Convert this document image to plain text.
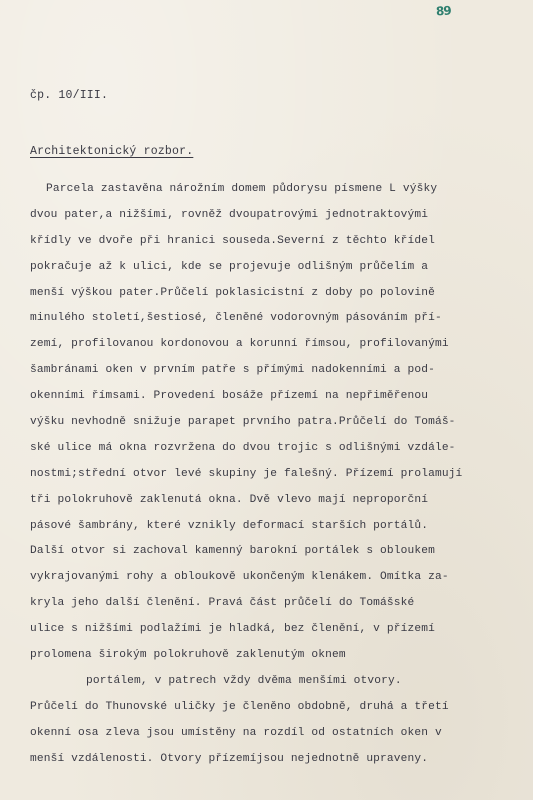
89
čp. 10/III.
Architektonický rozbor.
Parcela zastavěna nárožním domem půdorysu písmene L výšky
dvou pater,a nižšími, rovněž dvoupatrovými jednotraktovými
křídly ve dvoře při hranici souseda.Severní z těchto křídel
pokračuje až k ulici, kde se projevuje odlišným průčelím a
menší výškou pater.Průčelí poklasicistní z doby po polovině
minulého století,šestiosé, členěné vodorovným pásováním pří-
zemí, profilovanou kordonovou a korunní římsou, profilovanými
šambránami oken v prvním patře s přímými nadokenními a pod-
okenními římsami. Provedení bosáže přízemí na nepřiměřenou
výšku nevhodně snižuje parapet prvního patra.Průčelí do Tomáš-
ské ulice má okna rozvržena do dvou trojic s odlišnými vzdále-
nostmi;střední otvor levé skupiny je falešný. Přízemí prolamují
tři polokruhově zaklenutá okna. Dvě vlevo mají neproporční
pásové šambrány, které vznikly deformací starších portálů.
Další otvor si zachoval kamenný barokní portálek s obloukem
vykrajovanými rohy a obloukově ukončeným klenákem. Omítka za-
kryla jeho další členění. Pravá část průčelí do Tomášské
ulice s nižšími podlažími je hladká, bez členění, v přízemí
prolomena širokým polokruhově zaklenutým oknem
portálem, v patrech vždy dvěma menšími otvory.
Průčelí do Thunovské uličky je členěno obdobně, druhá a třetí
okenní osa zleva jsou umístěny na rozdíl od ostatních oken v
menší vzdálenosti. Otvory přízemíjsou nejednotně upraveny.
